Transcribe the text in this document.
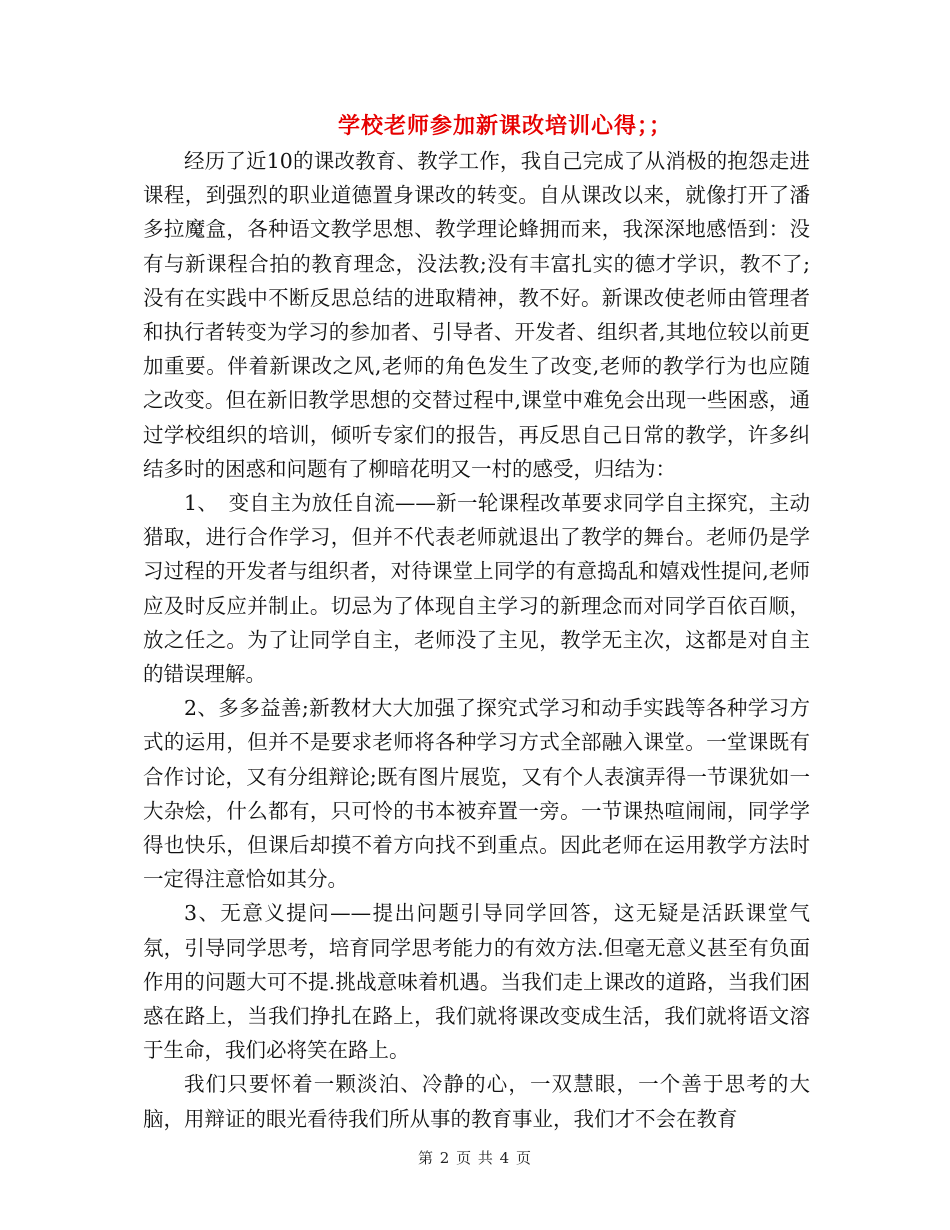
学校老师参加新课改培训心得；；

经历了近10的课改教育、教学工作，我自己完成了从消极的抱怨走进课程，到强烈的职业道德置身课改的转变。自从课改以来，就像打开了潘多拉魔盒，各种语文教学思想、教学理论蜂拥而来，我深深地感悟到：没有与新课程合拍的教育理念，没法教;没有丰富扎实的德才学识，教不了;没有在实践中不断反思总结的进取精神，教不好。新课改使老师由管理者和执行者转变为学习的参加者、引导者、开发者、组织者,其地位较以前更加重要。伴着新课改之风,老师的角色发生了改变,老师的教学行为也应随之改变。但在新旧教学思想的交替过程中,课堂中难免会出现一些困惑，通过学校组织的培训，倾听专家们的报告，再反思自己日常的教学，许多纠结多时的困惑和问题有了柳暗花明又一村的感受，归结为：

1、　变自主为放任自流——新一轮课程改革要求同学自主探究，主动猎取，进行合作学习，但并不代表老师就退出了教学的舞台。老师仍是学习过程的开发者与组织者，对待课堂上同学的有意捣乱和嬉戏性提问,老师应及时反应并制止。切忌为了体现自主学习的新理念而对同学百依百顺，放之任之。为了让同学自主，老师没了主见，教学无主次，这都是对自主的错误理解。

2、多多益善;新教材大大加强了探究式学习和动手实践等各种学习方式的运用，但并不是要求老师将各种学习方式全部融入课堂。一堂课既有合作讨论，又有分组辩论;既有图片展览，又有个人表演弄得一节课犹如一大杂烩，什么都有，只可怜的书本被弃置一旁。一节课热喧闹闹，同学学得也快乐，但课后却摸不着方向找不到重点。因此老师在运用教学方法时一定得注意恰如其分。

3、无意义提问——提出问题引导同学回答，这无疑是活跃课堂气氛，引导同学思考，培育同学思考能力的有效方法.但毫无意义甚至有负面作用的问题大可不提.挑战意味着机遇。当我们走上课改的道路，当我们困惑在路上，当我们挣扎在路上，我们就将课改变成生活，我们就将语文溶于生命，我们必将笑在路上。

我们只要怀着一颗淡泊、冷静的心，一双慧眼，一个善于思考的大脑，用辩证的眼光看待我们所从事的教育事业，我们才不会在教育

第 2 页 共 4 页
